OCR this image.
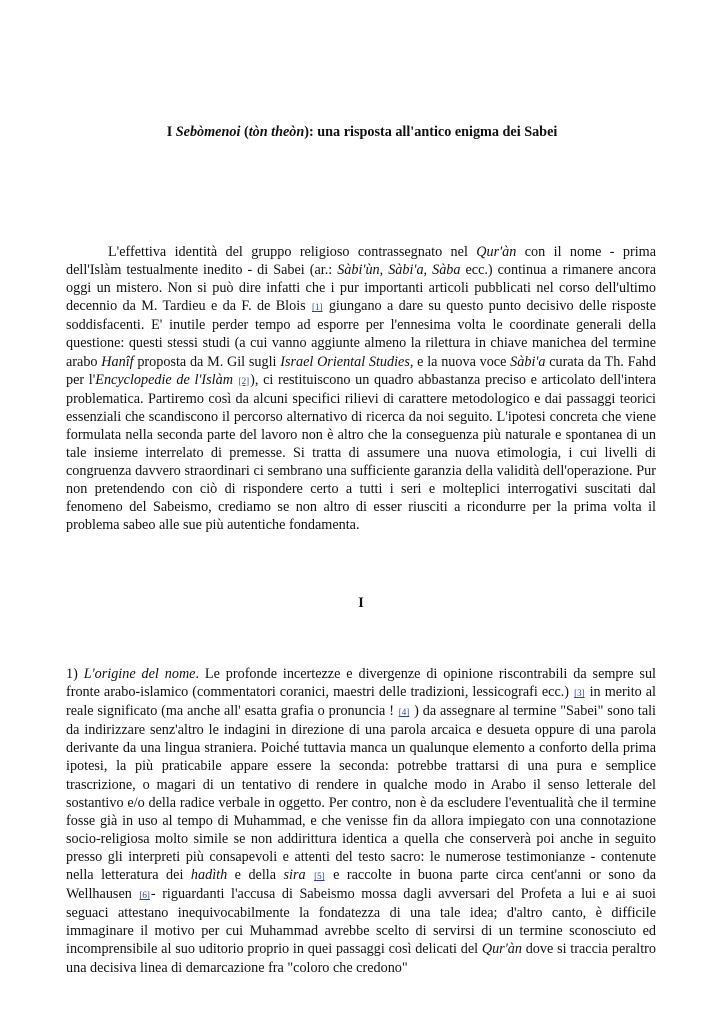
I Sebòmenoi (tòn theòn): una risposta all'antico enigma dei Sabei
L'effettiva identità del gruppo religioso contrassegnato nel Qur'àn con il nome - prima dell'Islàm testualmente inedito - di Sabei (ar.: Sàbi'ùn, Sàbi'a, Sàba ecc.) continua a rimanere ancora oggi un mistero. Non si può dire infatti che i pur importanti articoli pubblicati nel corso dell'ultimo decennio da M. Tardieu e da F. de Blois [1] giungano a dare su questo punto decisivo delle risposte soddisfacenti. E' inutile perder tempo ad esporre per l'ennesima volta le coordinate generali della questione: questi stessi studi (a cui vanno aggiunte almeno la rilettura in chiave manichea del termine arabo Hanîf proposta da M. Gil sugli Israel Oriental Studies, e la nuova voce Sàbi'a curata da Th. Fahd per l'Encyclopedie de l'Islàm [2]), ci restituiscono un quadro abbastanza preciso e articolato dell'intera problematica. Partiremo così da alcuni specifici rilievi di carattere metodologico e dai passaggi teorici essenziali che scandiscono il percorso alternativo di ricerca da noi seguito. L'ipotesi concreta che viene formulata nella seconda parte del lavoro non è altro che la conseguenza più naturale e spontanea di un tale insieme interrelato di premesse. Si tratta di assumere una nuova etimologia, i cui livelli di congruenza davvero straordinari ci sembrano una sufficiente garanzia della validità dell'operazione. Pur non pretendendo con ciò di rispondere certo a tutti i seri e molteplici interrogativi suscitati dal fenomeno del Sabeismo, crediamo se non altro di esser riusciti a ricondurre per la prima volta il problema sabeo alle sue più autentiche fondamenta.
I
1) L'origine del nome. Le profonde incertezze e divergenze di opinione riscontrabili da sempre sul fronte arabo-islamico (commentatori coranici, maestri delle tradizioni, lessicografi ecc.) [3] in merito al reale significato (ma anche all' esatta grafia o pronuncia ! [4] ) da assegnare al termine "Sabei" sono tali da indirizzare senz'altro le indagini in direzione di una parola arcaica e desueta oppure di una parola derivante da una lingua straniera. Poiché tuttavia manca un qualunque elemento a conforto della prima ipotesi, la più praticabile appare essere la seconda: potrebbe trattarsi di una pura e semplice trascrizione, o magari di un tentativo di rendere in qualche modo in Arabo il senso letterale del sostantivo e/o della radice verbale in oggetto. Per contro, non è da escludere l'eventualità che il termine fosse già in uso al tempo di Muhammad, e che venisse fin da allora impiegato con una connotazione socio-religiosa molto simile se non addirittura identica a quella che conserverà poi anche in seguito presso gli interpreti più consapevoli e attenti del testo sacro: le numerose testimonianze - contenute nella letteratura dei hadìth e della sira [5] e raccolte in buona parte circa cent'anni or sono da Wellhausen [6]- riguardanti l'accusa di Sabeismo mossa dagli avversari del Profeta a lui e ai suoi seguaci attestano inequivocabilmente la fondatezza di una tale idea; d'altro canto, è difficile immaginare il motivo per cui Muhammad avrebbe scelto di servirsi di un termine sconosciuto ed incomprensibile al suo uditorio proprio in quei passaggi così delicati del Qur'àn dove si traccia peraltro una decisiva linea di demarcazione fra "coloro che credono"
